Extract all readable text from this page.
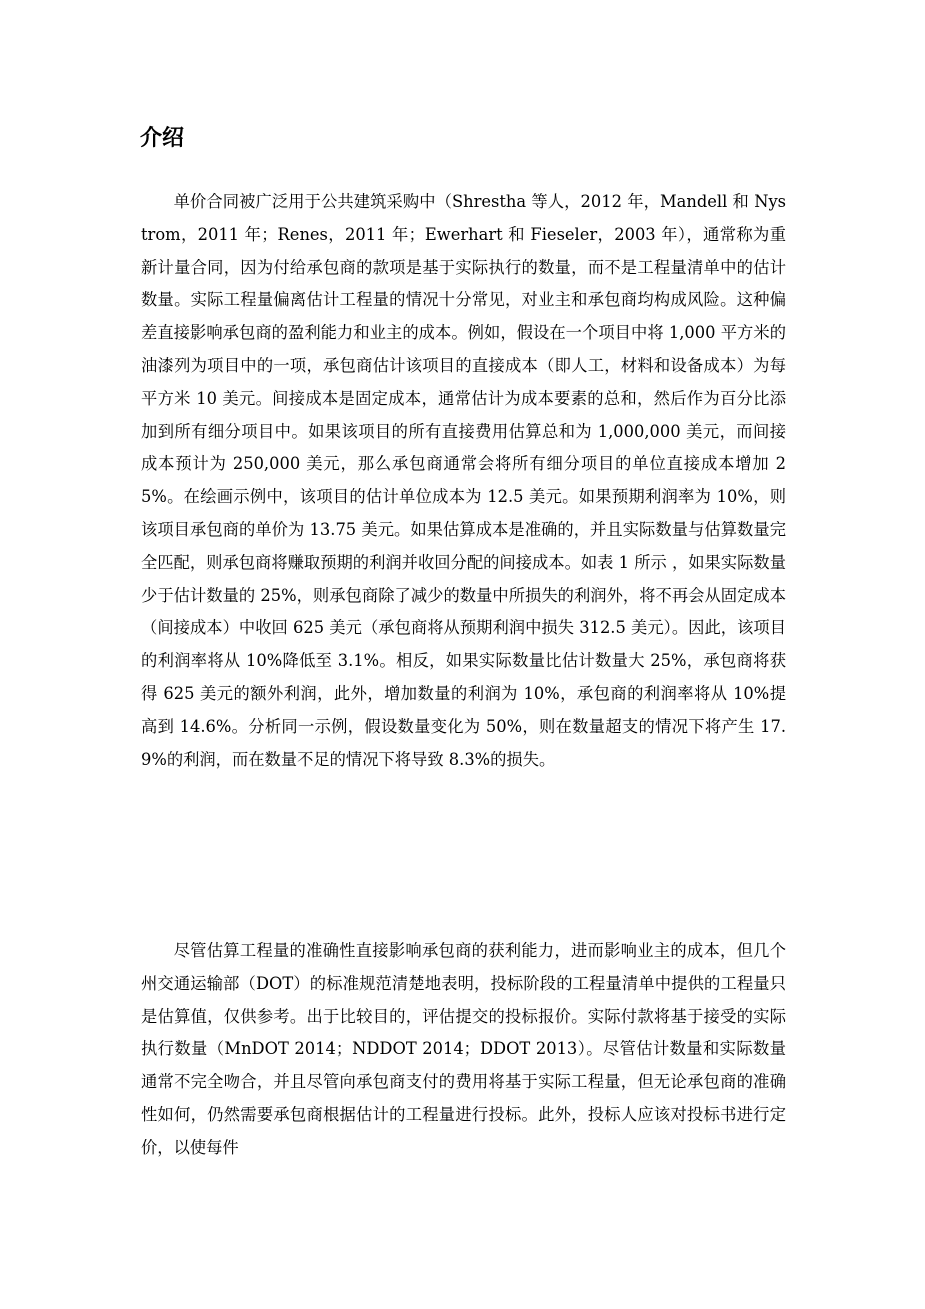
介绍

单价合同被广泛用于公共建筑采购中（Shrestha 等人，2012 年，Mandell 和 Nystrom，2011 年；Renes，2011 年；Ewerhart 和 Fieseler，2003 年），通常称为重新计量合同，因为付给承包商的款项是基于实际执行的数量，而不是工程量清单中的估计数量。实际工程量偏离估计工程量的情况十分常见，对业主和承包商均构成风险。这种偏差直接影响承包商的盈利能力和业主的成本。例如，假设在一个项目中将 1,000 平方米的油漆列为项目中的一项，承包商估计该项目的直接成本（即人工，材料和设备成本）为每平方米 10 美元。间接成本是固定成本，通常估计为成本要素的总和，然后作为百分比添加到所有细分项目中。如果该项目的所有直接费用估算总和为 1,000,000 美元，而间接成本预计为 250,000 美元，那么承包商通常会将所有细分项目的单位直接成本增加 25%。在绘画示例中，该项目的估计单位成本为 12.5 美元。如果预期利润率为 10%，则该项目承包商的单价为 13.75 美元。如果估算成本是准确的，并且实际数量与估算数量完全匹配，则承包商将赚取预期的利润并收回分配的间接成本。如表 1 所示 ，如果实际数量少于估计数量的 25%，则承包商除了减少的数量中所损失的利润外，将不再会从固定成本（间接成本）中收回 625 美元（承包商将从预期利润中损失 312.5 美元）。因此，该项目的利润率将从 10%降低至 3.1%。相反，如果实际数量比估计数量大 25%，承包商将获得 625 美元的额外利润，此外，增加数量的利润为 10%，承包商的利润率将从 10%提高到 14.6%。分析同一示例，假设数量变化为 50%，则在数量超支的情况下将产生 17.9%的利润，而在数量不足的情况下将导致 8.3%的损失。

尽管估算工程量的准确性直接影响承包商的获利能力，进而影响业主的成本，但几个州交通运输部（DOT）的标准规范清楚地表明，投标阶段的工程量清单中提供的工程量只是估算值，仅供参考。出于比较目的，评估提交的投标报价。实际付款将基于接受的实际执行数量（MnDOT 2014；NDDOT 2014；DDOT 2013）。尽管估计数量和实际数量通常不完全吻合，并且尽管向承包商支付的费用将基于实际工程量，但无论承包商的准确性如何，仍然需要承包商根据估计的工程量进行投标。此外，投标人应该对投标书进行定价，以使每件
